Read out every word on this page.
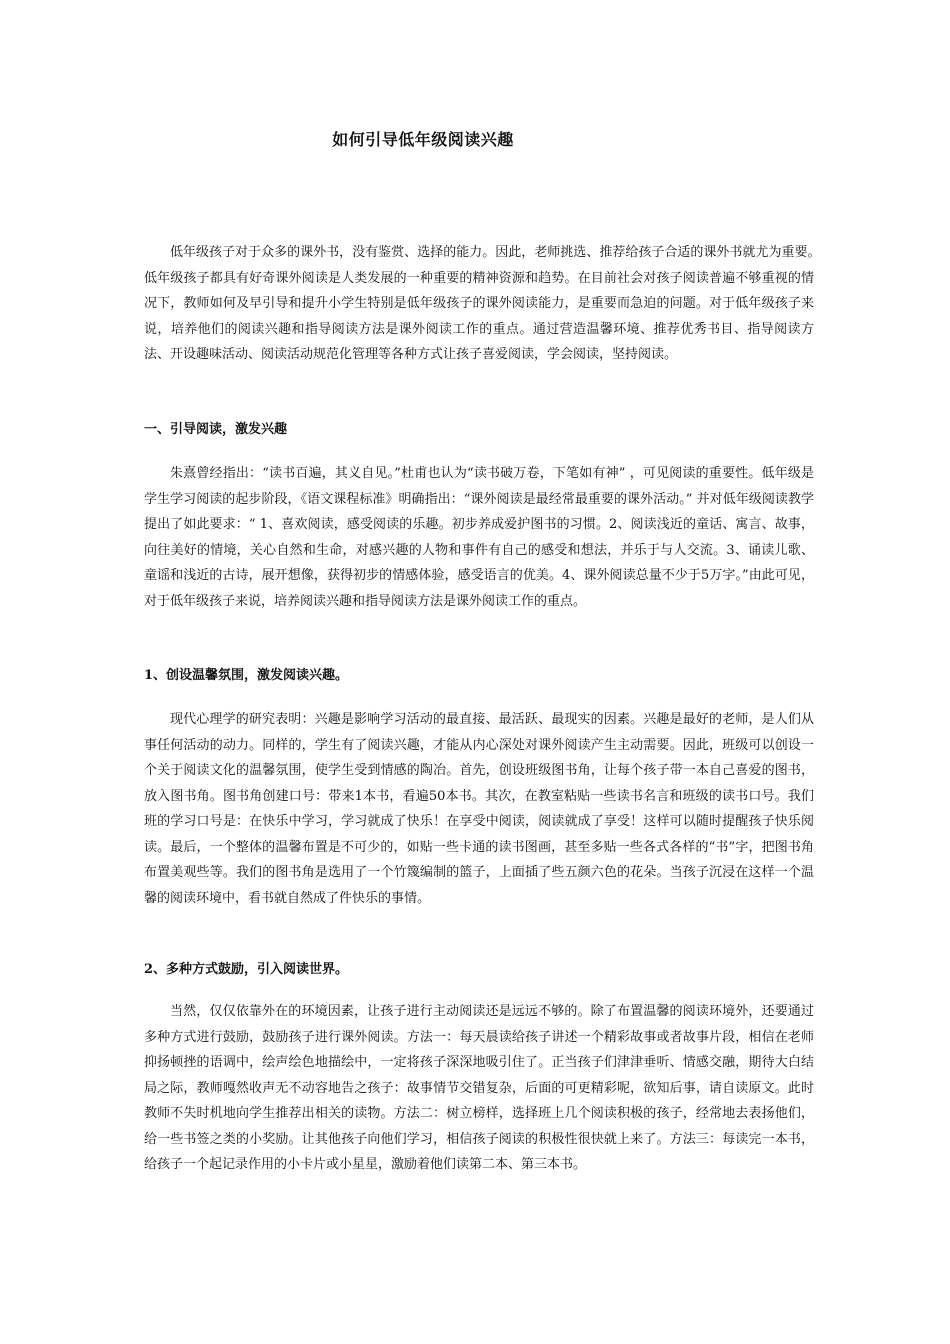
如何引导低年级阅读兴趣

低年级孩子对于众多的课外书，没有鉴赏、选择的能力。因此，老师挑选、推荐给孩子合适的课外书就尤为重要。　低年级孩子都具有好奇课外阅读是人类发展的一种重要的精神资源和趋势。在目前社会对孩子阅读普遍不够重视的情况下，教师如何及早引导和提升小学生特别是低年级孩子的课外阅读能力，是重要而急迫的问题。对于低年级孩子来说，培养他们的阅读兴趣和指导阅读方法是课外阅读工作的重点。通过营造温馨环境、推荐优秀书目、指导阅读方法、开设趣味活动、阅读活动规范化管理等各种方式让孩子喜爱阅读，学会阅读，坚持阅读。

一、引导阅读，激发兴趣

朱熹曾经指出：“读书百遍，其义自见。”杜甫也认为“读书破万卷，下笔如有神” ，可见阅读的重要性。低年级是学生学习阅读的起步阶段，《语文课程标准》明确指出：“课外阅读是最经常最重要的课外活动。” 并对低年级阅读教学提出了如此要求：“ 1、喜欢阅读，感受阅读的乐趣。初步养成爱护图书的习惯。2、阅读浅近的童话、寓言、故事，向往美好的情境，关心自然和生命，对感兴趣的人物和事件有自己的感受和想法，并乐于与人交流。3、诵读儿歌、童谣和浅近的古诗，展开想像，获得初步的情感体验，感受语言的优美。4、课外阅读总量不少于5万字。”由此可见，对于低年级孩子来说，培养阅读兴趣和指导阅读方法是课外阅读工作的重点。

1、创设温馨氛围，激发阅读兴趣。

现代心理学的研究表明：兴趣是影响学习活动的最直接、最活跃、最现实的因素。兴趣是最好的老师，是人们从事任何活动的动力。同样的，学生有了阅读兴趣，才能从内心深处对课外阅读产生主动需要。因此，班级可以创设一个关于阅读文化的温馨氛围，使学生受到情感的陶冶。首先，创设班级图书角，让每个孩子带一本自己喜爱的图书，放入图书角。图书角创建口号：带来1本书，看遍50本书。其次，在教室粘贴一些读书名言和班级的读书口号。我们班的学习口号是：在快乐中学习，学习就成了快乐！在享受中阅读，阅读就成了享受！这样可以随时提醒孩子快乐阅读。最后，一个整体的温馨布置是不可少的，如贴一些卡通的读书图画，甚至多贴一些各式各样的“书”字，把图书角布置美观些等。我们的图书角是选用了一个竹篾编制的篮子，上面插了些五颜六色的花朵。当孩子沉浸在这样一个温馨的阅读环境中，看书就自然成了件快乐的事情。

2、多种方式鼓励，引入阅读世界。

当然，仅仅依靠外在的环境因素，让孩子进行主动阅读还是远远不够的。除了布置温馨的阅读环境外，还要通过多种方式进行鼓励，鼓励孩子进行课外阅读。方法一：每天晨读给孩子讲述一个精彩故事或者故事片段，相信在老师抑扬顿挫的语调中，绘声绘色地描绘中，一定将孩子深深地吸引住了。正当孩子们津津垂听、情感交融，期待大白结局之际，教师嘎然收声无不动容地告之孩子：故事情节交错复杂，后面的可更精彩呢，欲知后事，请自读原文。此时教师不失时机地向学生推荐出相关的读物。方法二：树立榜样，选择班上几个阅读积极的孩子，经常地去表扬他们，给一些书签之类的小奖励。让其他孩子向他们学习，相信孩子阅读的积极性很快就上来了。方法三：每读完一本书，给孩子一个起记录作用的小卡片或小星星，激励着他们读第二本、第三本书。
